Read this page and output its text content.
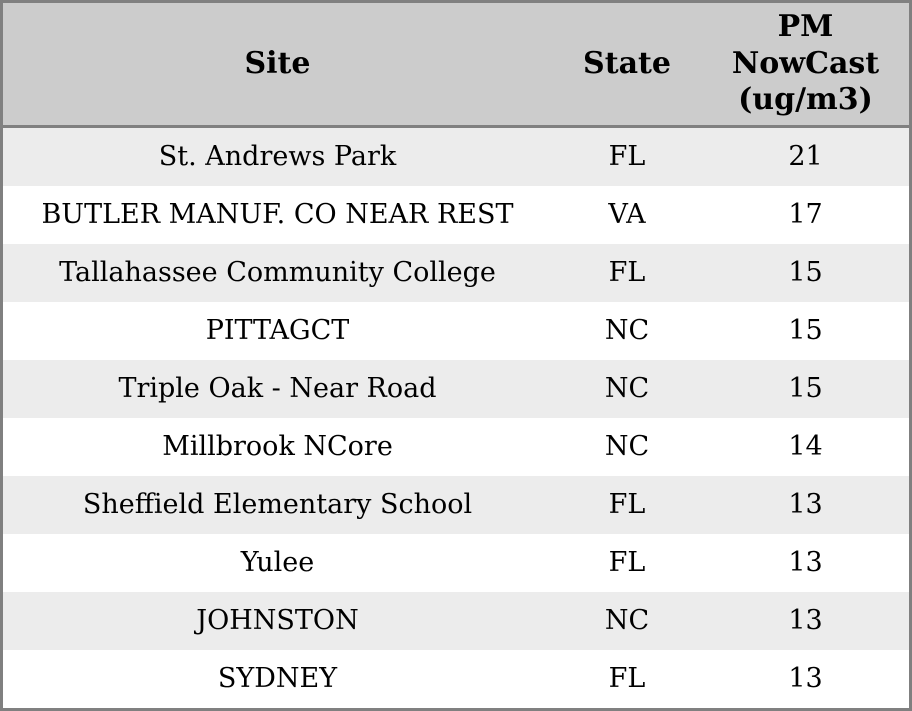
Site	State	PM
NowCast
(ug/m3)

St. Andrews Park	FL	21
BUTLER MANUF. CO NEAR REST	VA	17
Tallahassee Community College	FL	15
PITTAGCT	NC	15
Triple Oak - Near Road	NC	15
Millbrook NCore	NC	14
Sheffield Elementary School	FL	13
Yulee	FL	13
JOHNSTON	NC	13
SYDNEY	FL	13
